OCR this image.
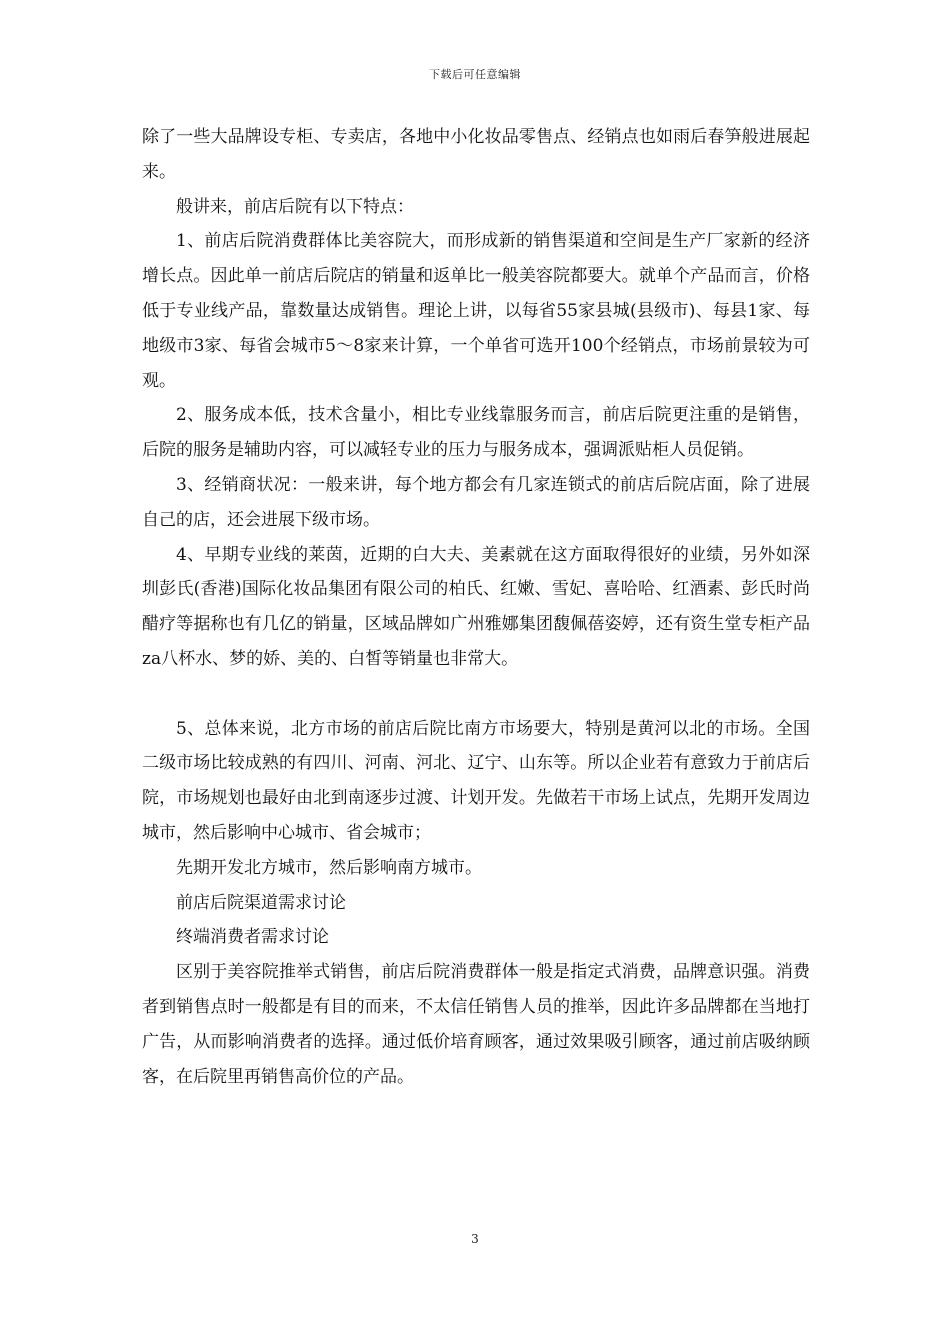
下载后可任意编辑

除了一些大品牌设专柜、专卖店，各地中小化妆品零售点、经销点也如雨后春笋般进展起来。

般讲来，前店后院有以下特点：

1、前店后院消费群体比美容院大，而形成新的销售渠道和空间是生产厂家新的经济增长点。因此单一前店后院店的销量和返单比一般美容院都要大。就单个产品而言，价格低于专业线产品，靠数量达成销售。理论上讲，以每省55家县城(县级市)、每县1家、每地级市3家、每省会城市5～8家来计算，一个单省可选开100个经销点，市场前景较为可观。

2、服务成本低，技术含量小，相比专业线靠服务而言，前店后院更注重的是销售，后院的服务是辅助内容，可以减轻专业的压力与服务成本，强调派贴柜人员促销。

3、经销商状况：一般来讲，每个地方都会有几家连锁式的前店后院店面，除了进展自己的店，还会进展下级市场。

4、早期专业线的莱茵，近期的白大夫、美素就在这方面取得很好的业绩，另外如深圳彭氏(香港)国际化妆品集团有限公司的柏氏、红嫩、雪妃、喜哈哈、红酒素、彭氏时尚醋疗等据称也有几亿的销量，区域品牌如广州雅娜集团馥佩蓓姿婷，还有资生堂专柜产品za八杯水、梦的娇、美的、白皙等销量也非常大。

5、总体来说，北方市场的前店后院比南方市场要大，特别是黄河以北的市场。全国二级市场比较成熟的有四川、河南、河北、辽宁、山东等。所以企业若有意致力于前店后院，市场规划也最好由北到南逐步过渡、计划开发。先做若干市场上试点，先期开发周边城市，然后影响中心城市、省会城市；

先期开发北方城市，然后影响南方城市。

前店后院渠道需求讨论

终端消费者需求讨论

区别于美容院推举式销售，前店后院消费群体一般是指定式消费，品牌意识强。消费者到销售点时一般都是有目的而来，不太信任销售人员的推举，因此许多品牌都在当地打广告，从而影响消费者的选择。通过低价培育顾客，通过效果吸引顾客，通过前店吸纳顾客，在后院里再销售高价位的产品。

3
